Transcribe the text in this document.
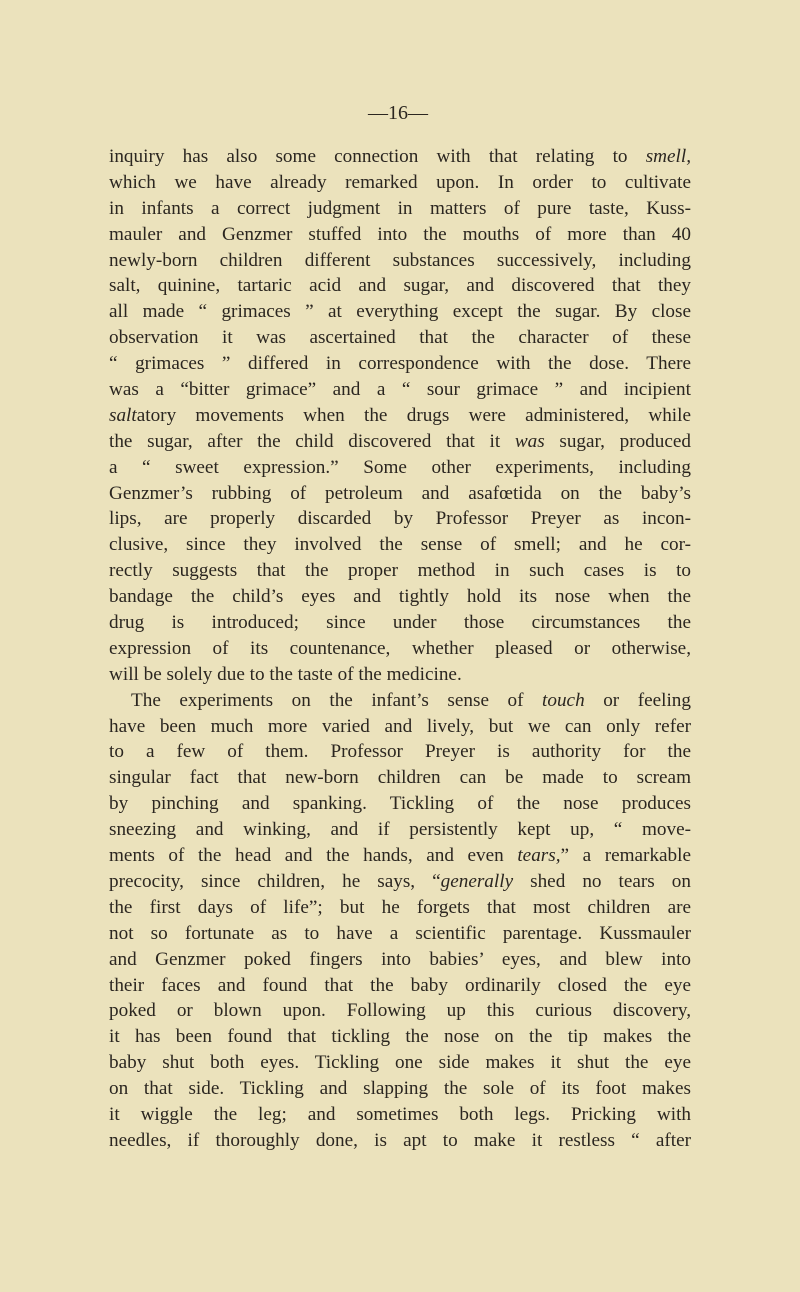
—16—
inquiry has also some connection with that relating to smell,
which we have already remarked upon. In order to cultivate
in infants a correct judgment in matters of pure taste, Kuss-
mauler and Genzmer stuffed into the mouths of more than 40
newly-born children different substances successively, including
salt, quinine, tartaric acid and sugar, and discovered that they
all made “ grimaces ” at everything except the sugar. By close
observation it was ascertained that the character of these
“ grimaces ” differed in correspondence with the dose. There
was a “bitter grimace” and a “ sour grimace ” and incipient
saltatory movements when the drugs were administered, while
the sugar, after the child discovered that it was sugar, produced
a “ sweet expression.” Some other experiments, including
Genzmer’s rubbing of petroleum and asafœtida on the baby’s
lips, are properly discarded by Professor Preyer as incon-
clusive, since they involved the sense of smell; and he cor-
rectly suggests that the proper method in such cases is to
bandage the child’s eyes and tightly hold its nose when the
drug is introduced; since under those circumstances the
expression of its countenance, whether pleased or otherwise,
will be solely due to the taste of the medicine.
The experiments on the infant’s sense of touch or feeling
have been much more varied and lively, but we can only refer
to a few of them. Professor Preyer is authority for the
singular fact that new-born children can be made to scream
by pinching and spanking. Tickling of the nose produces
sneezing and winking, and if persistently kept up, “ move-
ments of the head and the hands, and even tears,” a remarkable
precocity, since children, he says, “generally shed no tears on
the first days of life”; but he forgets that most children are
not so fortunate as to have a scientific parentage. Kussmauler
and Genzmer poked fingers into babies’ eyes, and blew into
their faces and found that the baby ordinarily closed the eye
poked or blown upon. Following up this curious discovery,
it has been found that tickling the nose on the tip makes the
baby shut both eyes. Tickling one side makes it shut the eye
on that side. Tickling and slapping the sole of its foot makes
it wiggle the leg; and sometimes both legs. Pricking with
needles, if thoroughly done, is apt to make it restless “ after
